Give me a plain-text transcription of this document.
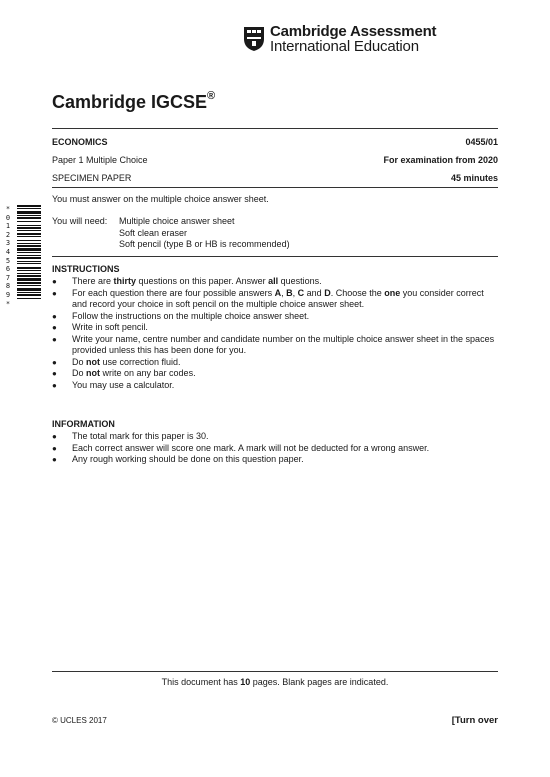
Cambridge Assessment
International Education
Cambridge IGCSE®
ECONOMICS	0455/01
Paper 1 Multiple Choice	For examination from 2020
SPECIMEN PAPER	45 minutes
You must answer on the multiple choice answer sheet.
You will need: Multiple choice answer sheet
Soft clean eraser
Soft pencil (type B or HB is recommended)
*
0
1
2
3
4
5
6
7
8
9
*
INSTRUCTIONS
● There are thirty questions on this paper. Answer all questions.
● For each question there are four possible answers A, B, C and D. Choose the one you consider correct and record your choice in soft pencil on the multiple choice answer sheet.
● Follow the instructions on the multiple choice answer sheet.
● Write in soft pencil.
● Write your name, centre number and candidate number on the multiple choice answer sheet in the spaces provided unless this has been done for you.
● Do not use correction fluid.
● Do not write on any bar codes.
● You may use a calculator.
INFORMATION
● The total mark for this paper is 30.
● Each correct answer will score one mark. A mark will not be deducted for a wrong answer.
● Any rough working should be done on this question paper.
This document has 10 pages. Blank pages are indicated.
© UCLES 2017	[Turn over
